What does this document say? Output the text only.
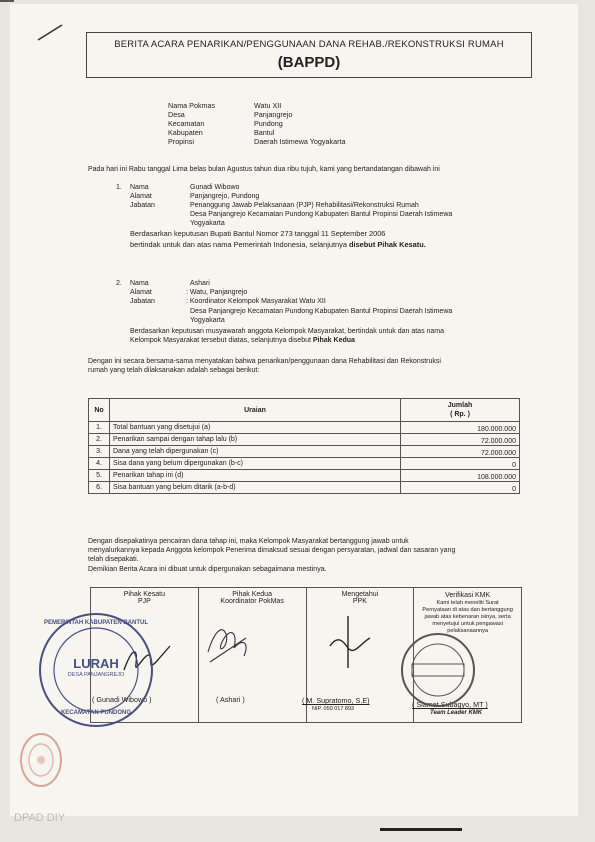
BERITA ACARA PENARIKAN/PENGGUNAAN DANA REHAB./REKONSTRUKSI RUMAH
(BAPPD)
Nama Pokmas	Watu XII
Desa	Panjangrejo
Kecamatan	Pundong
Kabupaten	Bantul
Propinsi	Daerah Istimewa Yogyakarta
Pada hari ini Rabu tanggal Lima belas bulan Agustus tahun dua ribu tujuh, kami yang bertandatangan dibawah ini
1. Nama	Gunadi Wibowo
Alamat	Panjangrejo, Pundong
Jabatan	Penanggung Jawab Pelaksanaan (PJP) Rehabilitasi/Rekonstruksi Rumah
Desa Panjangrejo Kecamatan Pundong Kabupaten Bantul Propinsi Daerah Istimewa
Yogyakarta
Berdasarkan keputusan Bupati Bantul Nomor 273 tanggal 11 September 2006
bertindak untuk dan atas nama Pemerintah Indonesia, selanjutnya disebut Pihak Kesatu.
2. Nama	Ashari
Alamat	: Watu, Panjangrejo
Jabatan	: Koordinator Kelompok Masyarakat Watu XII
Desa Panjangrejo Kecamatan Pundong Kabupaten Bantul Propinsi Daerah Istimewa
Yogyakarta
Berdasarkan keputusan musyawarah anggota Kelompok Masyarakat, bertindak untuk dan atas nama
Kelompok Masyarakat tersebut diatas, selanjutnya disebut Pihak Kedua
Dengan ini secara bersama-sama menyatakan bahwa penarikan/penggunaan dana Rehabilitasi dan Rekonstruksi
rumah yang telah dilaksanakan adalah sebagai berikut:
No	Uraian	Jumlah
( Rp. )

1.	Total bantuan yang disetujui (a)	180.000.000
2.	Penarikan sampai dengan tahap lalu (b)	72.000.000
3.	Dana yang telah dipergunakan (c)	72.000.000
4.	Sisa dana yang belum dipergunakan (b-c)	0
5.	Penarikan tahap ini (d)	108.000.000
6.	Sisa bantuan yang belum ditarik (a-b-d)	0
Dengan disepakatinya pencairan dana tahap ini, maka Kelompok Masyarakat bertanggung jawab untuk
menyalurkannya kepada Anggota kelompok Penerima dimaksud sesuai dengan persyaratan, jadwal dan sasaran yang
telah disepakati.
Demikian Berita Acara ini dibuat untuk dipergunakan sebagaimana mestinya.
Pihak Kesatu
PJP

Pihak Kedua
Koordinator PokMas

Mengetahui
PPK

Verifikasi KMK
Kami telah meneliti Surat
Pernyataan di atas dan bertanggung
jawab atas kebenaran isinya, serta
menyetujui untuk pengawasi
pelaksanaannya
( Gunadi Wibowo )	( Ashari )	( M. Supratomo, S.E)
NIP. 050 017 893	( Slamet Subagyo, MT )
Team Leader KMK
PEMERINTAH KABUPATEN BANTUL
LURAH
DESA PANJANGREJO
KECAMATAN PUNDONG
DPAD DIY
